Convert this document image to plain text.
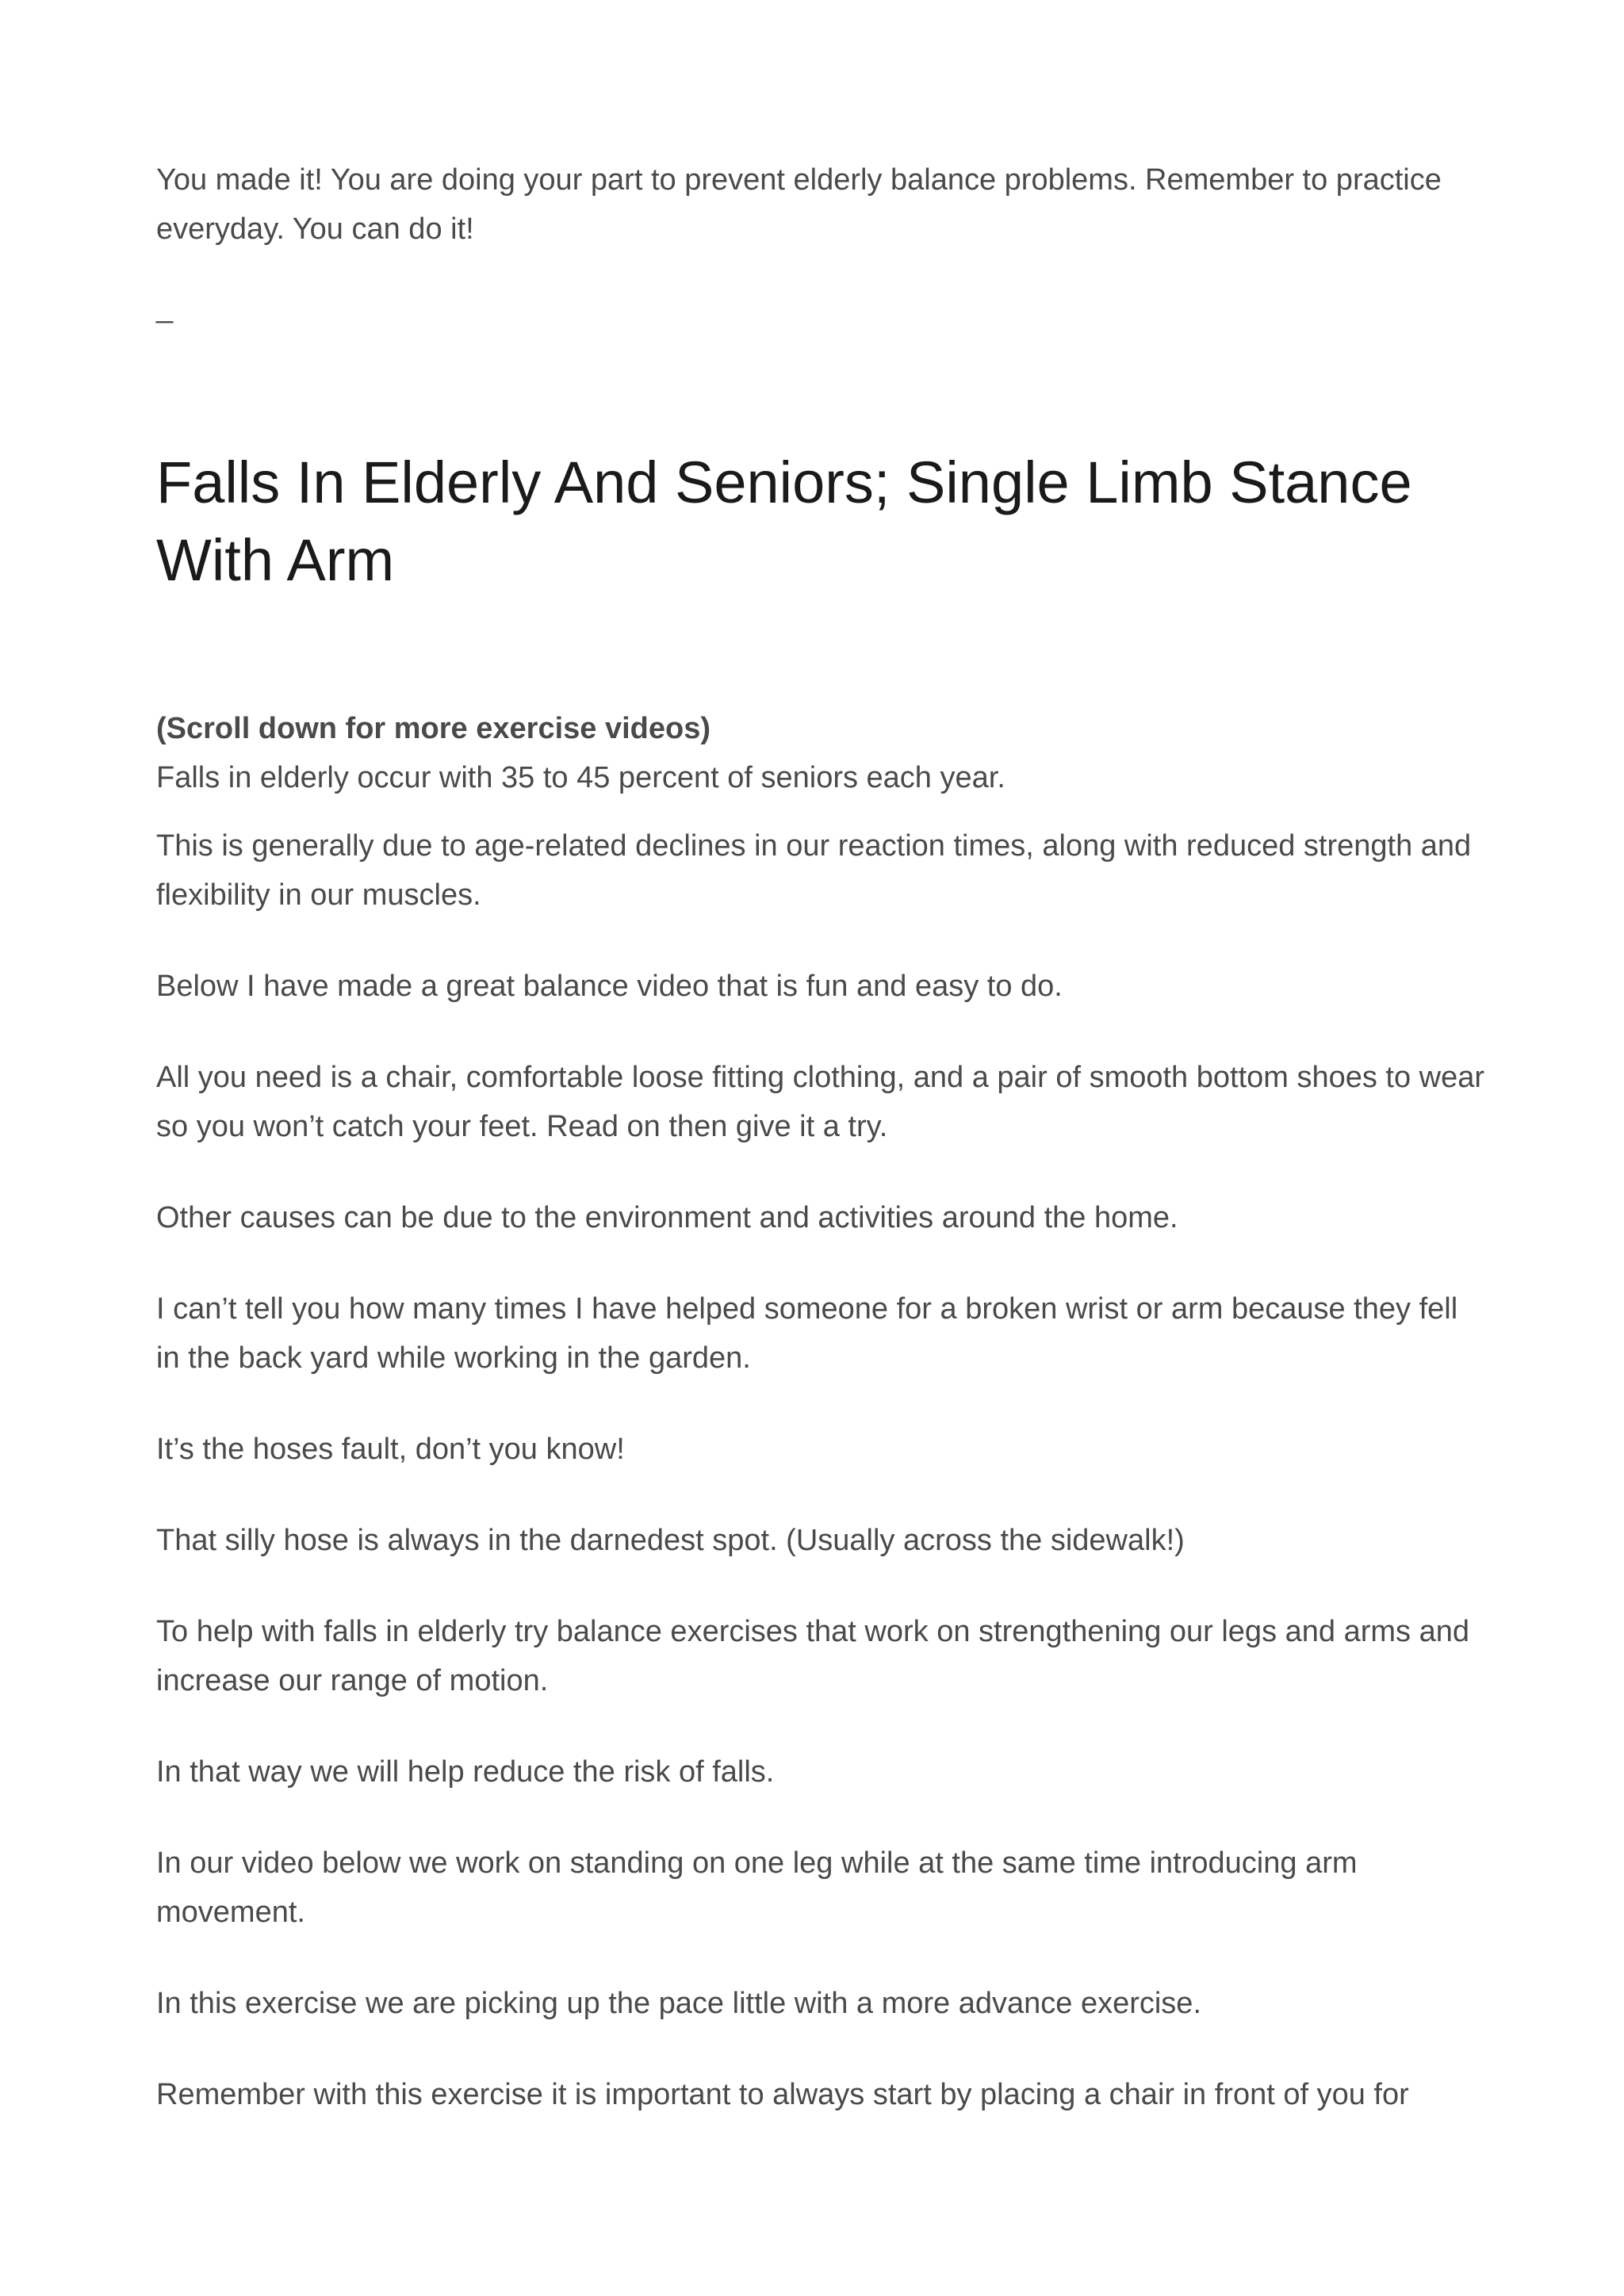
You made it! You are doing your part to prevent elderly balance problems. Remember to practice everyday. You can do it!

_
Falls In Elderly And Seniors; Single Limb Stance With Arm

(Scroll down for more exercise videos)

Falls in elderly occur with 35 to 45 percent of seniors each year.

This is generally due to age-related declines in our reaction times, along with reduced strength and flexibility in our muscles.

Below I have made a great balance video that is fun and easy to do.

All you need is a chair, comfortable loose fitting clothing, and a pair of smooth bottom shoes to wear so you won’t catch your feet. Read on then give it a try.

Other causes can be due to the environment and activities around the home.

I can’t tell you how many times I have helped someone for a broken wrist or arm because they fell in the back yard while working in the garden.

It’s the hoses fault, don’t you know!

That silly hose is always in the darnedest spot. (Usually across the sidewalk!)

To help with falls in elderly try balance exercises that work on strengthening our legs and arms and increase our range of motion.

In that way we will help reduce the risk of falls.

In our video below we work on standing on one leg while at the same time introducing arm movement.

In this exercise we are picking up the pace little with a more advance exercise.

Remember with this exercise it is important to always start by placing a chair in front of you for
